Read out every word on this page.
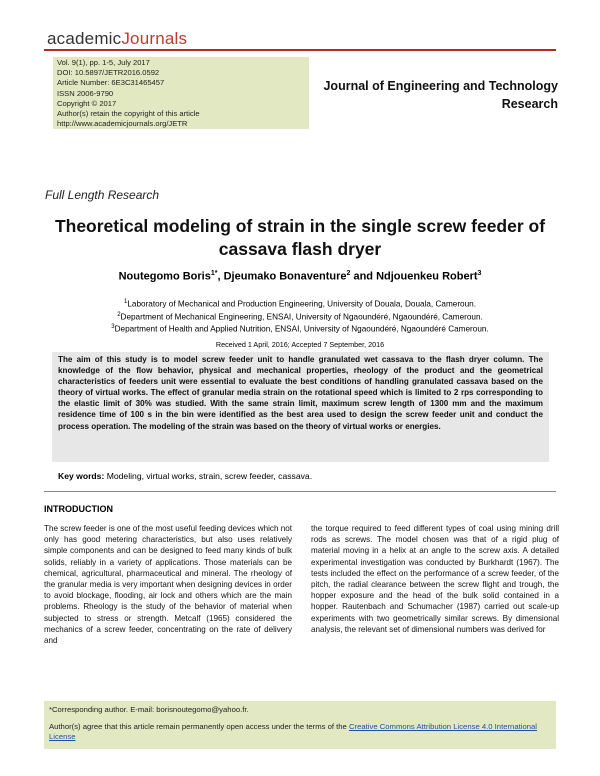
academicJournals
Vol. 9(1), pp. 1-5, July 2017
DOI: 10.5897/JETR2016.0592
Article Number: 6E3C31465457
ISSN 2006-9790
Copyright © 2017
Author(s) retain the copyright of this article
http://www.academicjournals.org/JETR
Journal of Engineering and Technology
Research
Full Length Research
Theoretical modeling of strain in the single screw feeder of cassava flash dryer
Noutegomo Boris$^{1*}$, Djeumako Bonaventure$^2$ and Ndjouenkeu Robert$^3$
$^1$Laboratory of Mechanical and Production Engineering, University of Douala, Douala, Cameroun.
$^2$Department of Mechanical Engineering, ENSAI, University of Ngaoundéré, Ngaoundéré, Cameroun.
$^3$Department of Health and Applied Nutrition, ENSAI, University of Ngaoundéré, Ngaoundéré Cameroun.
Received 1 April, 2016; Accepted 7 September, 2016

The aim of this study is to model screw feeder unit to handle granulated wet cassava to the flash dryer column. The knowledge of the flow behavior, physical and mechanical properties, rheology of the product and the geometrical characteristics of feeders unit were essential to evaluate the best conditions of handling granulated cassava based on the theory of virtual works. The effect of granular media strain on the rotational speed which is limited to 2 rps corresponding to the elastic limit of 30% was studied. With the same strain limit, maximum screw length of 1300 mm and the maximum residence time of 100 s in the bin were identified as the best area used to design the screw feeder unit and conduct the process operation. The modeling of the strain was based on the theory of virtual works or energies.

Key words: Modeling, virtual works, strain, screw feeder, cassava.
INTRODUCTION

The screw feeder is one of the most useful feeding devices which not only has good metering characteristics, but also uses relatively simple components and can be designed to feed many kinds of bulk solids, reliably in a variety of applications. Those materials can be chemical, agricultural, pharmaceutical and mineral. The rheology of the granular media is very important when designing devices in order to avoid blockage, flooding, air lock and others which are the main problems. Rheology is the study of the behavior of material when subjected to stress or strength. Metcalf (1965) considered the mechanics of a screw feeder, concentrating on the rate of delivery and

the torque required to feed different types of coal using mining drill rods as screws. The model chosen was that of a rigid plug of material moving in a helix at an angle to the screw axis. A detailed experimental investigation was conducted by Burkhardt (1967). The tests included the effect on the performance of a screw feeder, of the pitch, the radial clearance between the screw flight and trough, the hopper exposure and the head of the bulk solid contained in a hopper. Rautenbach and Schumacher (1987) carried out scale-up experiments with two geometrically similar screws. By dimensional analysis, the relevant set of dimensional numbers was derived for

*Corresponding author. E-mail: borisnoutegomo@yahoo.fr.
Author(s) agree that this article remain permanently open access under the terms of the Creative Commons Attribution License 4.0 International License
